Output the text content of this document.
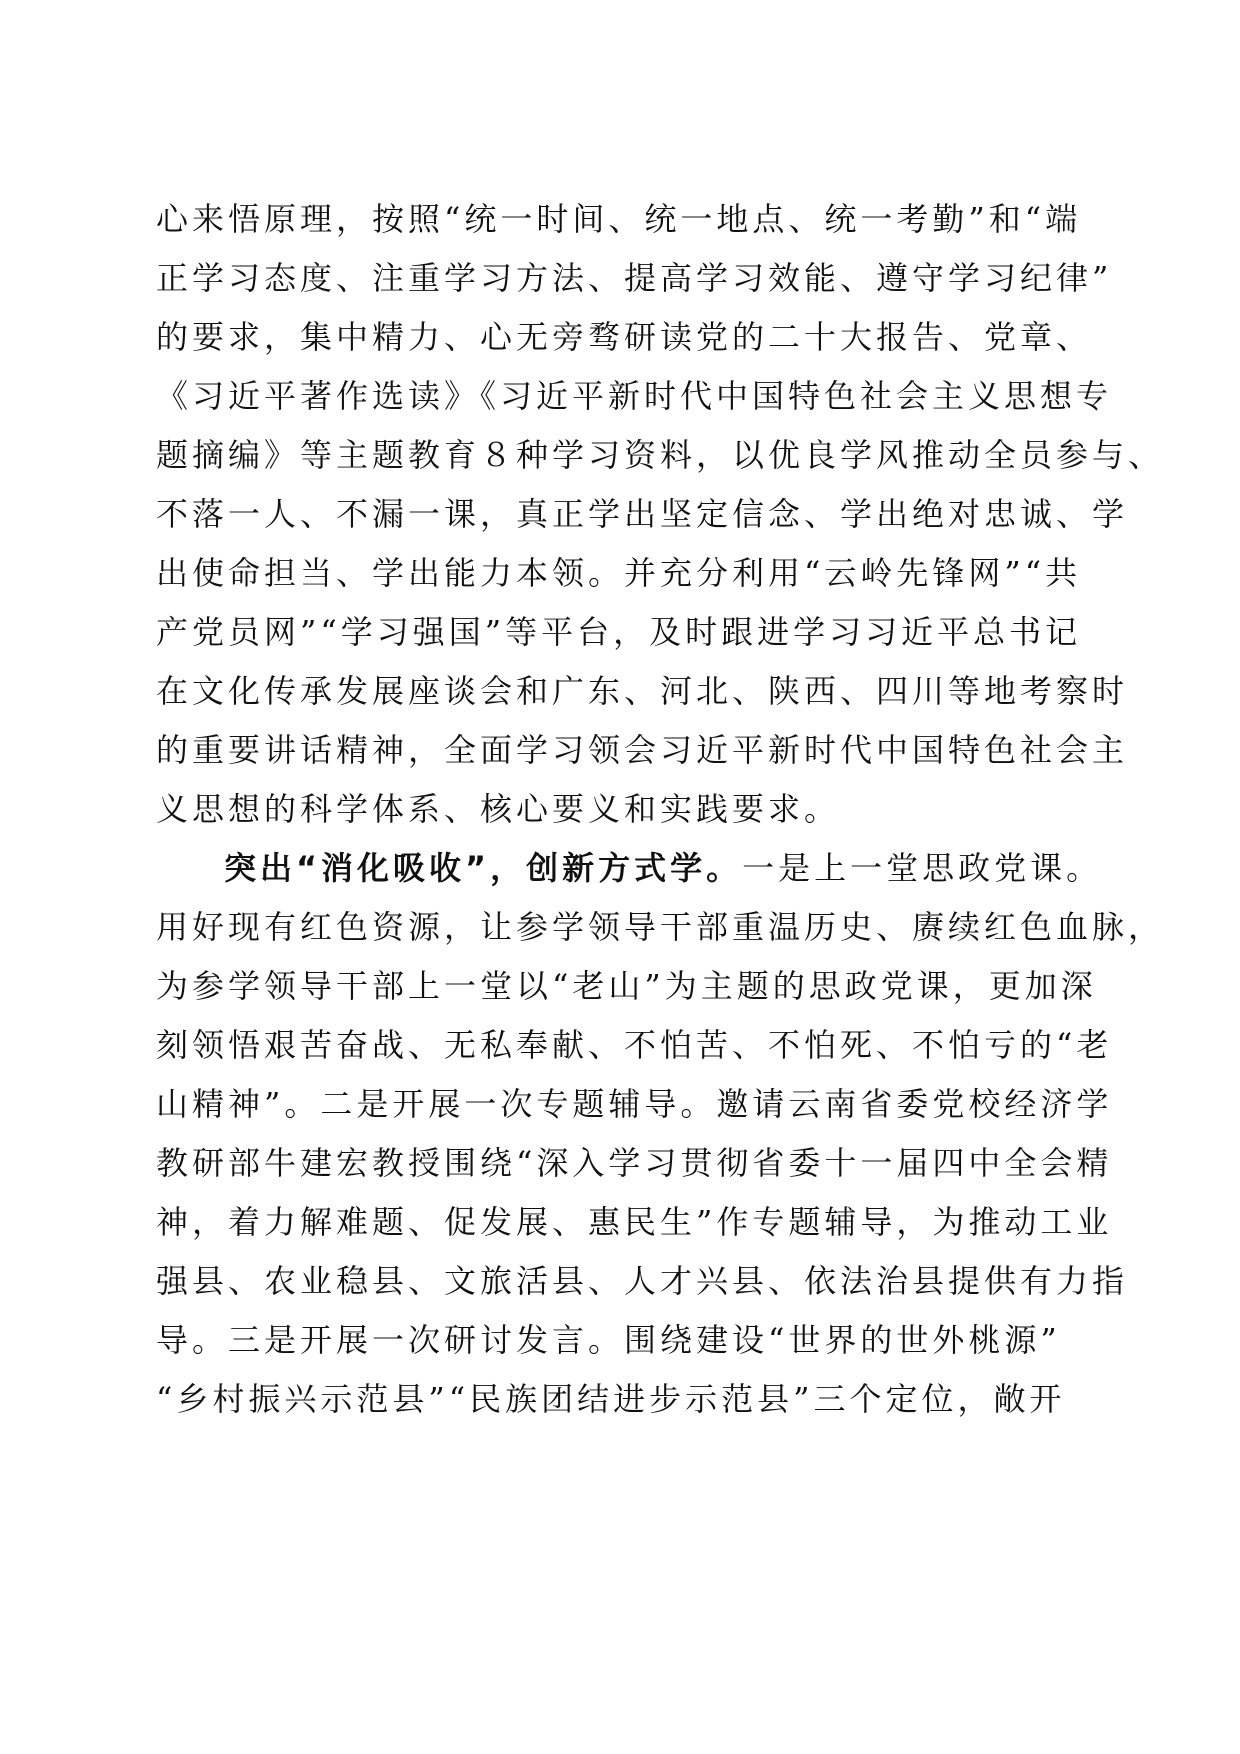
心来悟原理，按照“统一时间、统一地点、统一考勤”和“端
正学习态度、注重学习方法、提高学习效能、遵守学习纪律”
的要求，集中精力、心无旁骛研读党的二十大报告、党章、
《习近平著作选读》《习近平新时代中国特色社会主义思想专
题摘编》等主题教育８种学习资料，以优良学风推动全员参与、
不落一人、不漏一课，真正学出坚定信念、学出绝对忠诚、学
出使命担当、学出能力本领。并充分利用“云岭先锋网”“共
产党员网”“学习强国”等平台，及时跟进学习习近平总书记
在文化传承发展座谈会和广东、河北、陕西、四川等地考察时
的重要讲话精神，全面学习领会习近平新时代中国特色社会主
义思想的科学体系、核心要义和实践要求。
突出“消化吸收”，创新方式学。一是上一堂思政党课。
用好现有红色资源，让参学领导干部重温历史、赓续红色血脉，
为参学领导干部上一堂以“老山”为主题的思政党课，更加深
刻领悟艰苦奋战、无私奉献、不怕苦、不怕死、不怕亏的“老
山精神”。二是开展一次专题辅导。邀请云南省委党校经济学
教研部牛建宏教授围绕“深入学习贯彻省委十一届四中全会精
神，着力解难题、促发展、惠民生”作专题辅导，为推动工业
强县、农业稳县、文旅活县、人才兴县、依法治县提供有力指
导。三是开展一次研讨发言。围绕建设“世界的世外桃源”
“乡村振兴示范县”“民族团结进步示范县”三个定位，敞开
